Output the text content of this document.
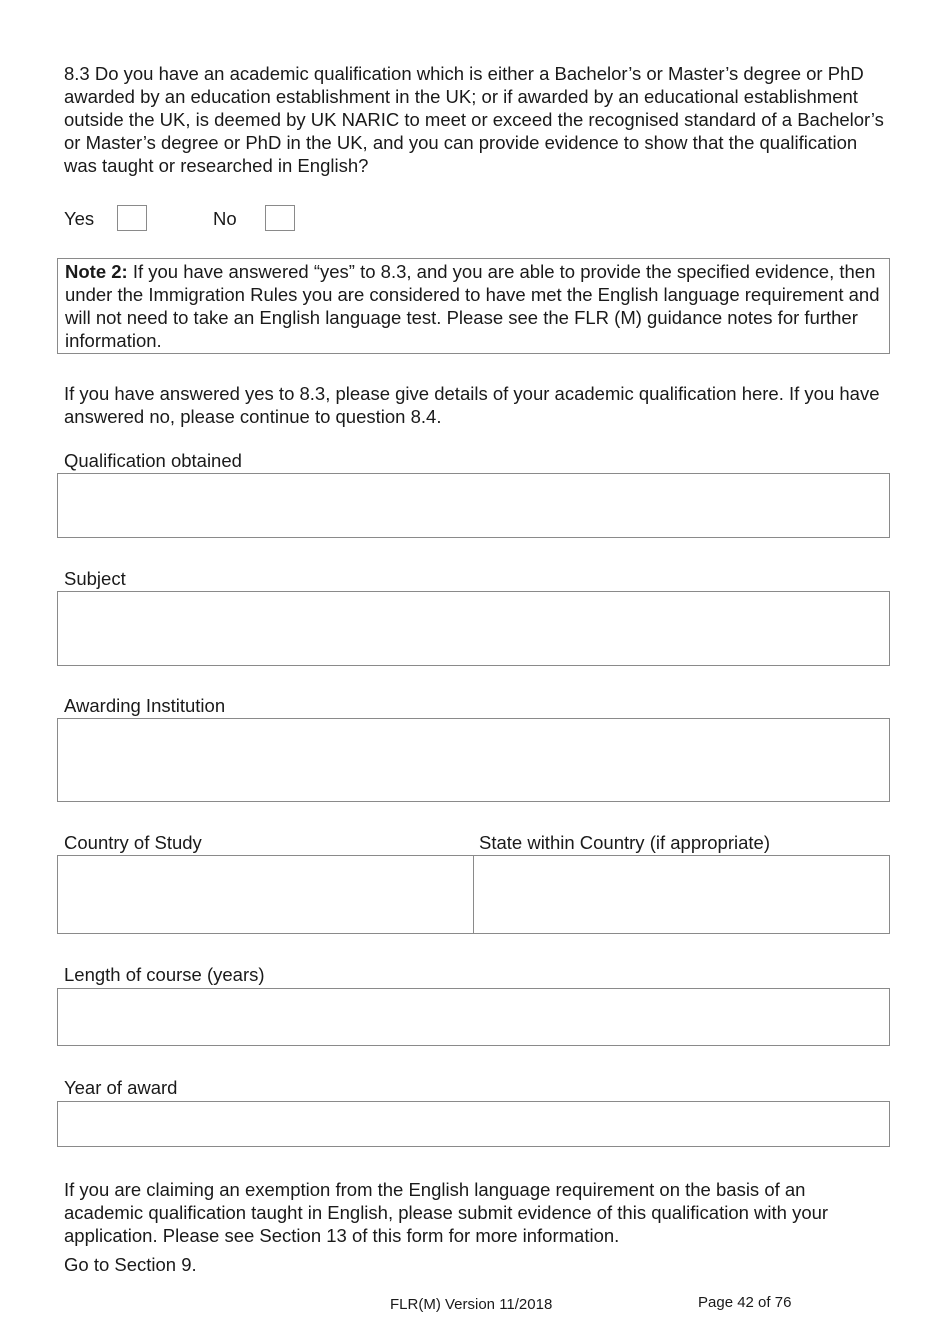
8.3 Do you have an academic qualification which is either a Bachelor’s or Master’s degree or PhD awarded by an education establishment in the UK; or if awarded by an educational establishment outside the UK, is deemed by UK NARIC to meet or exceed the recognised standard of a Bachelor’s or Master’s degree or PhD in the UK, and you can provide evidence to show that the qualification was taught or researched in English?
Yes	No
Note 2: If you have answered “yes” to 8.3, and you are able to provide the specified evidence, then under the Immigration Rules you are considered to have met the English language requirement and will not need to take an English language test. Please see the FLR (M) guidance notes for further information.
If you have answered yes to 8.3, please give details of your academic qualification here. If you have answered no, please continue to question 8.4.
Qualification obtained
Subject
Awarding Institution
Country of Study	State within Country (if appropriate)
Length of course (years)
Year of award
If you are claiming an exemption from the English language requirement on the basis of an academic qualification taught in English, please submit evidence of this qualification with your application. Please see Section 13 of this form for more information.
Go to Section 9.
FLR(M) Version 11/2018	Page 42 of 76
